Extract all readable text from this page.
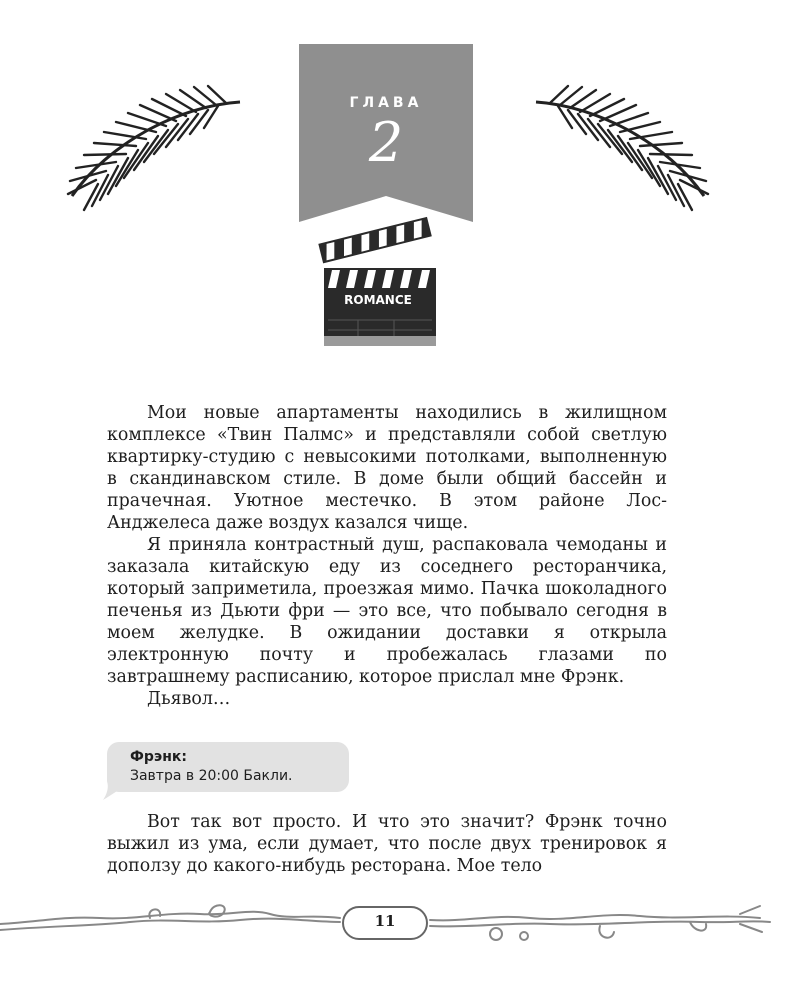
ГЛАВА
2
ROMANCE

Мои новые апартаменты находились в жилищном комплексе «Твин Палмс» и представляли собой светлую квартирку-студию с невысокими потолками, выполненную в скандинавском стиле. В доме были общий бассейн и прачечная. Уютное местечко. В этом районе Лос-Анджелеса даже воздух казался чище.

Я приняла контрастный душ, распаковала чемоданы и заказала китайскую еду из соседнего ресторанчика, который заприметила, проезжая мимо. Пачка шоколадного печенья из Дьюти фри — это все, что побывало сегодня в моем желудке. В ожидании доставки я открыла электронную почту и пробежалась глазами по завтрашнему расписанию, которое прислал мне Фрэнк.

Дьявол…

Фрэнк:
Завтра в 20:00 Бакли.

Вот так вот просто. И что это значит? Фрэнк точно выжил из ума, если думает, что после двух тренировок я доползу до какого-нибудь ресторана. Мое тело

11
